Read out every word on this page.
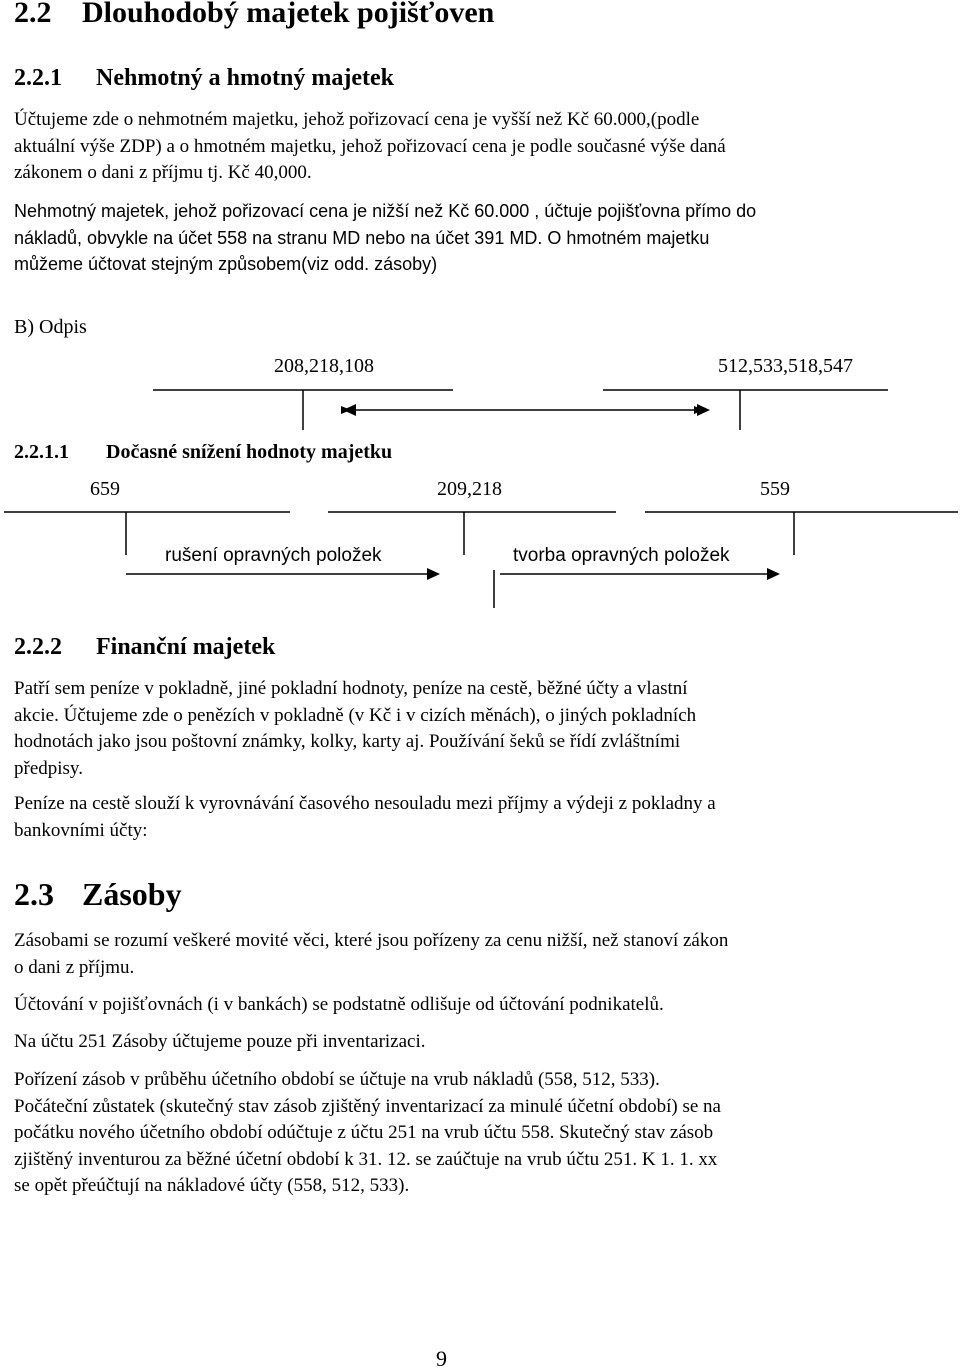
2.2 Dlouhodobý majetek pojišťoven
2.2.1 Nehmotný a hmotný majetek
Účtujeme zde o nehmotném majetku, jehož pořizovací cena je vyšší než Kč 60.000,(podle
aktuální výše ZDP) a o hmotném majetku, jehož pořizovací cena je podle současné výše daná
zákonem o dani z příjmu tj. Kč 40,000.
Nehmotný majetek, jehož pořizovací cena je nižší než Kč 60.000 , účtuje pojišťovna přímo do
nákladů, obvykle na účet 558 na stranu MD nebo na účet 391 MD. O hmotném majetku
můžeme účtovat stejným způsobem(viz odd. zásoby)
B) Odpis
208,218,108	512,533,518,547
2.2.1.1 Dočasné snížení hodnoty majetku
659	209,218	559
rušení opravných položek	tvorba opravných položek
2.2.2 Finanční majetek
Patří sem peníze v pokladně, jiné pokladní hodnoty, peníze na cestě, běžné účty a vlastní
akcie. Účtujeme zde o penězích v pokladně (v Kč i v cizích měnách), o jiných pokladních
hodnotách jako jsou poštovní známky, kolky, karty aj. Používání šeků se řídí zvláštními
předpisy.
Peníze na cestě slouží k vyrovnávání časového nesouladu mezi příjmy a výdeji z pokladny a
bankovními účty:
2.3 Zásoby
Zásobami se rozumí veškeré movité věci, které jsou pořízeny za cenu nižší, než stanoví zákon
o dani z příjmu.
Účtování v pojišťovnách (i v bankách) se podstatně odlišuje od účtování podnikatelů.
Na účtu 251 Zásoby účtujeme pouze při inventarizaci.
Pořízení zásob v průběhu účetního období se účtuje na vrub nákladů (558, 512, 533).
Počáteční zůstatek (skutečný stav zásob zjištěný inventarizací za minulé účetní období) se na
počátku nového účetního období odúčtuje z účtu 251 na vrub účtu 558. Skutečný stav zásob
zjištěný inventurou za běžné účetní období k 31. 12. se zaúčtuje na vrub účtu 251. K 1. 1. xx
se opět přeúčtují na nákladové účty (558, 512, 533).
9
